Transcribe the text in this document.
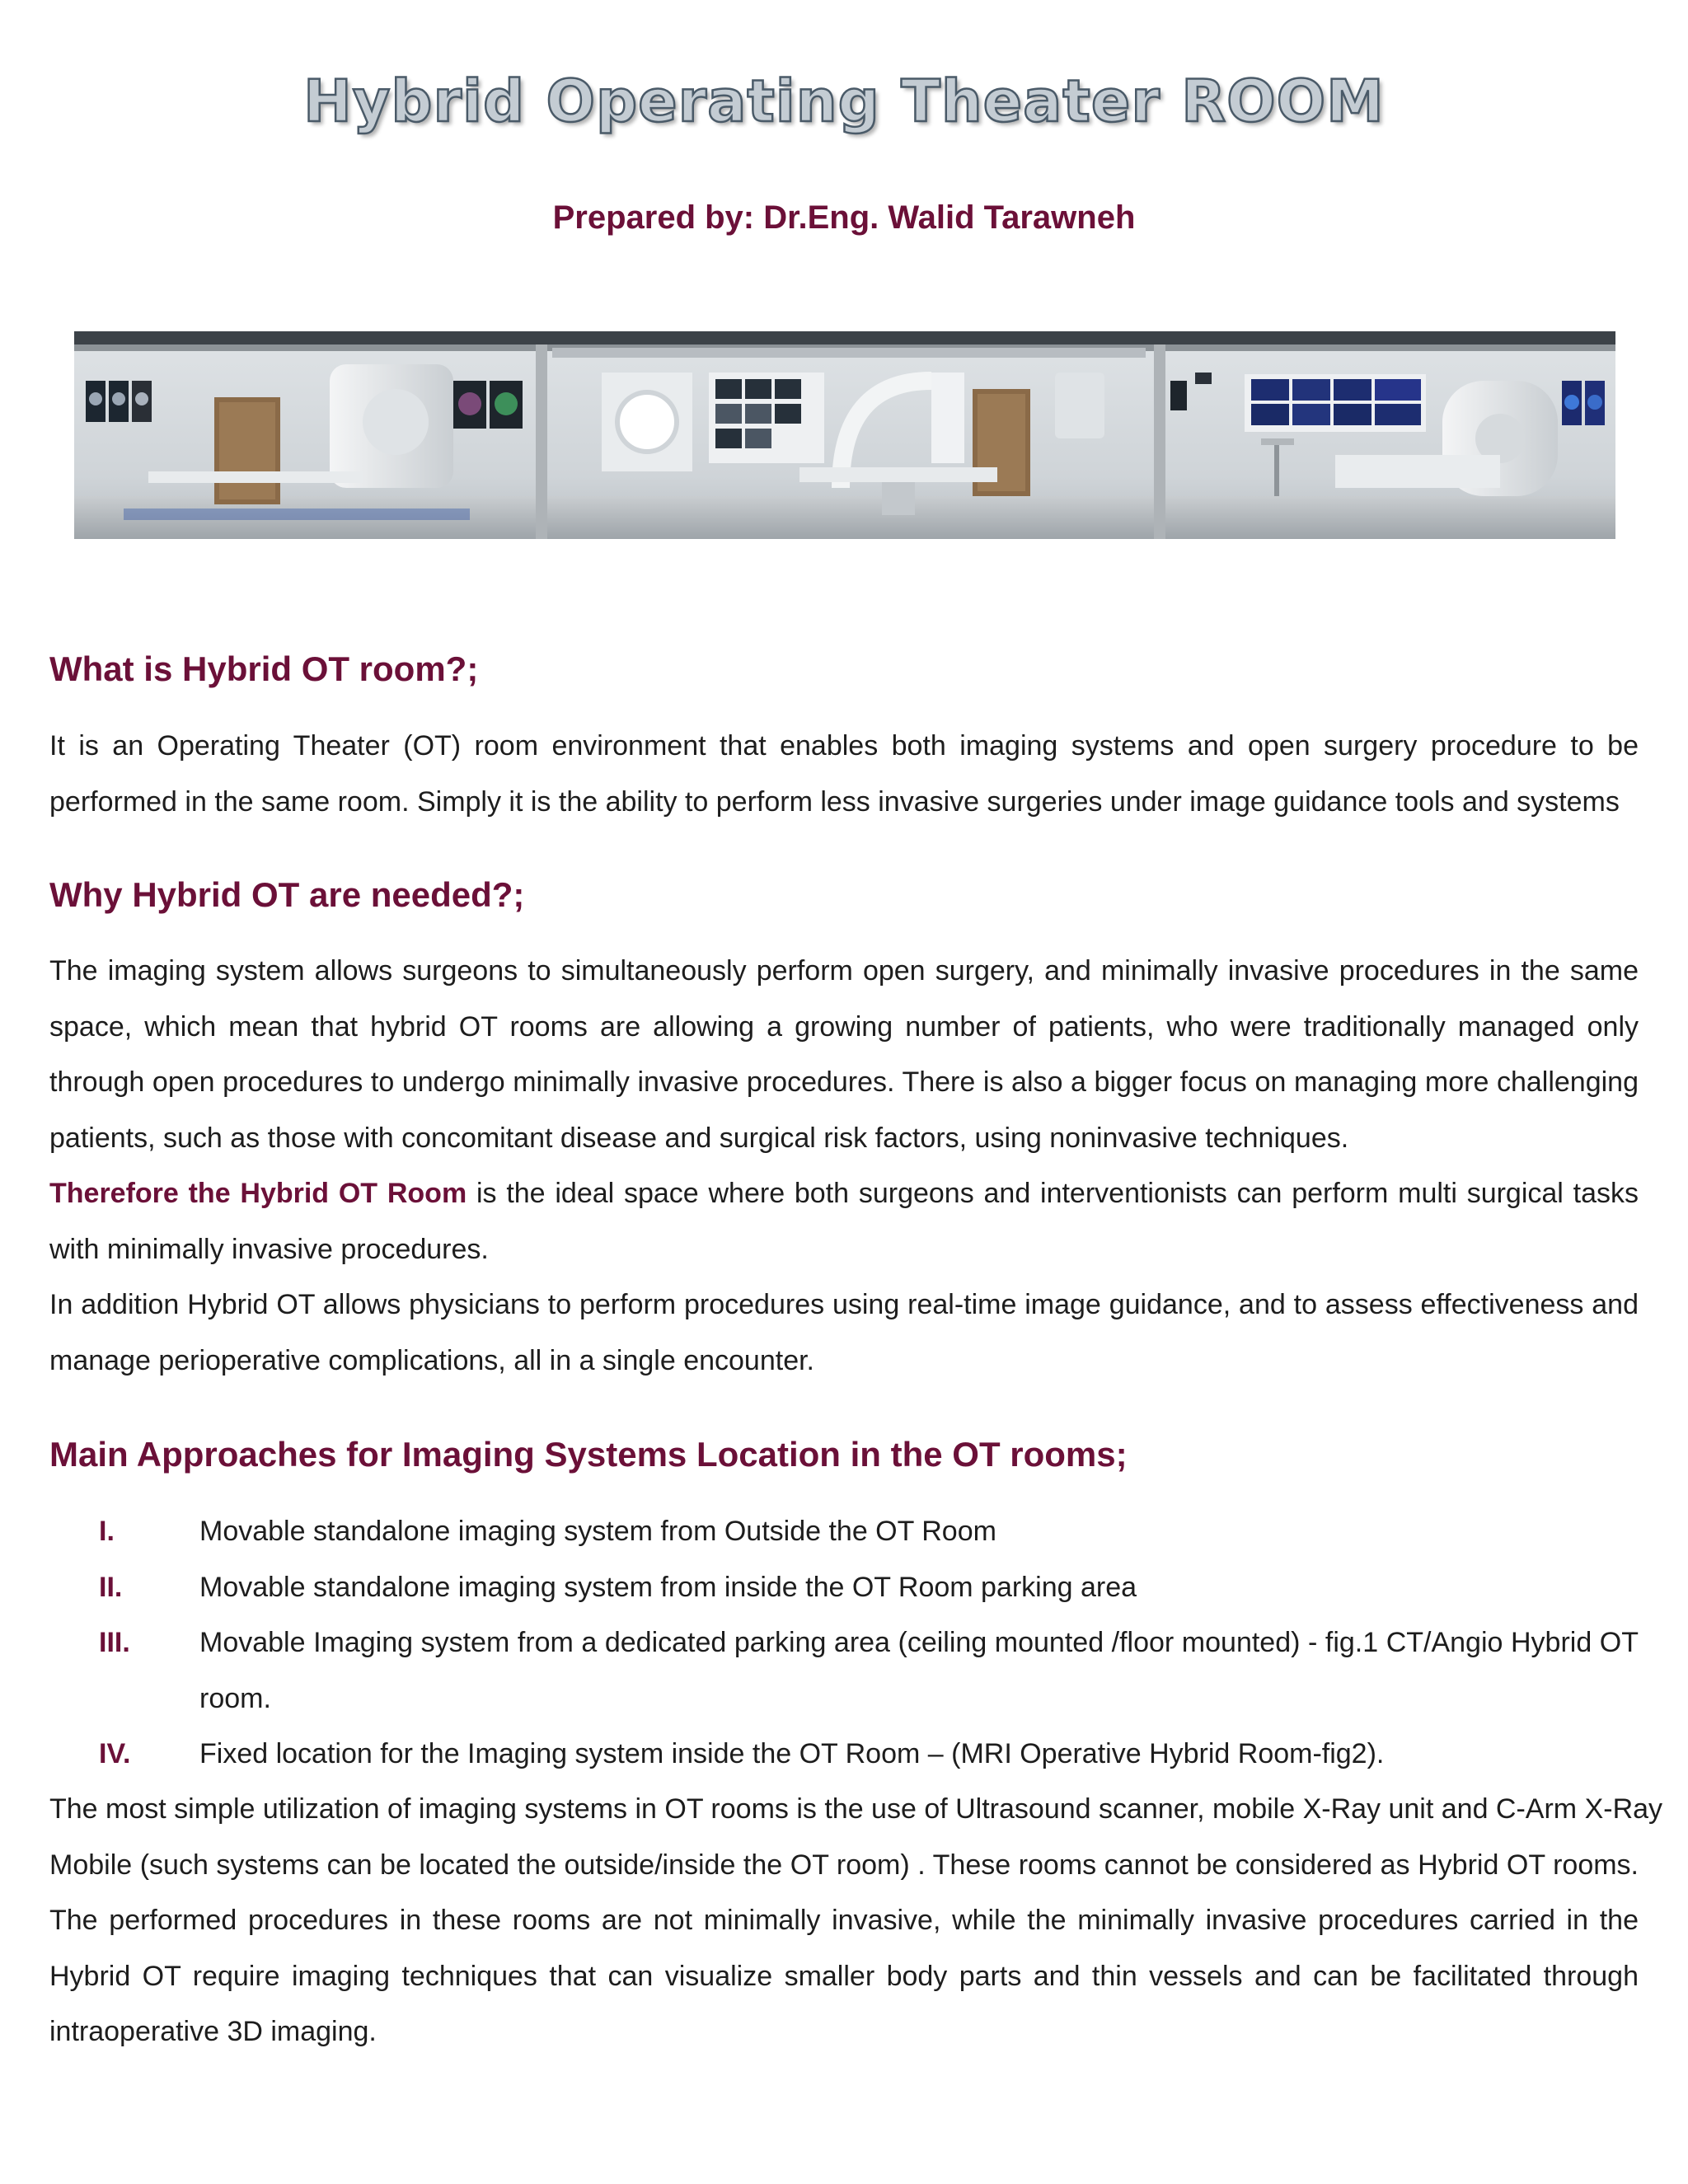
Hybrid Operating Theater ROOM
Prepared by: Dr.Eng. Walid Tarawneh
What is Hybrid OT room?;
It is an Operating Theater (OT) room environment that enables both imaging systems and open surgery procedure to be
performed in the same room. Simply it is the ability to perform less invasive surgeries under image guidance tools and systems
Why Hybrid OT are needed?;
The imaging system allows surgeons to simultaneously perform open surgery, and minimally invasive procedures in the same
space, which mean that hybrid OT rooms are allowing a growing number of patients, who were traditionally managed only
through open procedures to undergo minimally invasive procedures. There is also a bigger focus on managing more challenging
patients, such as those with concomitant disease and surgical risk factors, using noninvasive techniques.
Therefore the Hybrid OT Room is the ideal space where both surgeons and interventionists can perform multi surgical tasks
with minimally invasive procedures.
In addition Hybrid OT allows physicians to perform procedures using real-time image guidance, and to assess effectiveness and
manage perioperative complications, all in a single encounter.
Main Approaches for Imaging Systems Location in the OT rooms;
I.	Movable standalone imaging system from Outside the OT Room
II.	Movable standalone imaging system from inside the OT Room parking area
III. Movable Imaging system from a dedicated parking area (ceiling mounted /floor mounted) - fig.1 CT/Angio Hybrid OT
room.
IV. Fixed location for the Imaging system inside the OT Room – (MRI Operative Hybrid Room-fig2).
The most simple utilization of imaging systems in OT rooms is the use of Ultrasound scanner, mobile X-Ray unit and C-Arm X-Ray
Mobile (such systems can be located the outside/inside the OT room) . These rooms cannot be considered as Hybrid OT rooms.
The performed procedures in these rooms are not minimally invasive, while the minimally invasive procedures carried in the
Hybrid OT require imaging techniques that can visualize smaller body parts and thin vessels and can be facilitated through
intraoperative 3D imaging.
